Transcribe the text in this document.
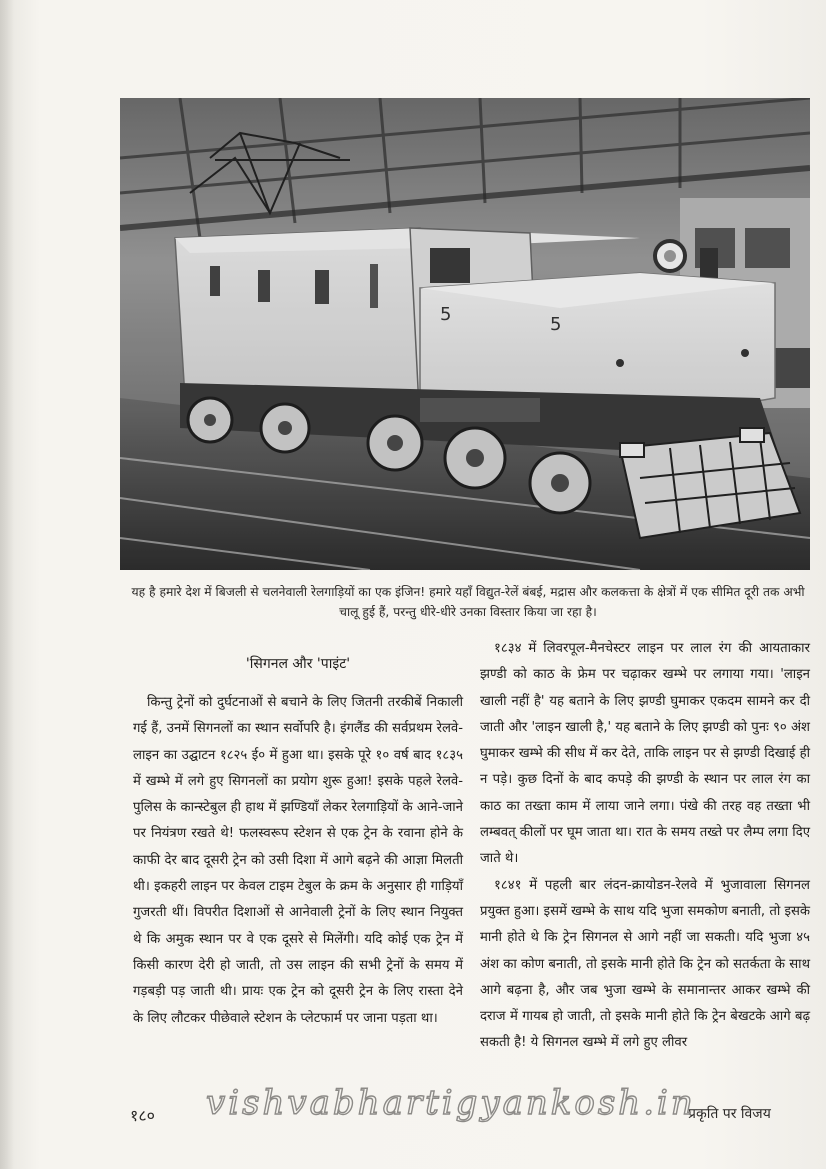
5	5
यह है हमारे देश में बिजली से चलनेवाली रेलगाड़ियों का एक इंजिन! हमारे यहाँ विद्युत-रेलें बंबई, मद्रास और कलकत्ता के क्षेत्रों में एक सीमित दूरी तक अभी चालू हुई हैं, परन्तु धीरे-धीरे उनका विस्तार किया जा रहा है।
'सिगनल और 'पाइंट'

किन्तु ट्रेनों को दुर्घटनाओं से बचाने के लिए जितनी तरकीबें निकाली गई हैं, उनमें सिगनलों का स्थान सर्वोपरि है। इंगलैंड की सर्वप्रथम रेलवे-लाइन का उद्घाटन १८२५ ई० में हुआ था। इसके पूरे १० वर्ष बाद १८३५ में खम्भे में लगे हुए सिगनलों का प्रयोग शुरू हुआ! इसके पहले रेलवे-पुलिस के कान्स्टेबुल ही हाथ में झण्डियाँ लेकर रेलगाड़ियों के आने-जाने पर नियंत्रण रखते थे! फलस्वरूप स्टेशन से एक ट्रेन के रवाना होने के काफी देर बाद दूसरी ट्रेन को उसी दिशा में आगे बढ़ने की आज्ञा मिलती थी। इकहरी लाइन पर केवल टाइम टेबुल के क्रम के अनुसार ही गाड़ियाँ गुजरती थीं। विपरीत दिशाओं से आनेवाली ट्रेनों के लिए स्थान नियुक्त थे कि अमुक स्थान पर वे एक दूसरे से मिलेंगी। यदि कोई एक ट्रेन में किसी कारण देरी हो जाती, तो उस लाइन की सभी ट्रेनों के समय में गड़बड़ी पड़ जाती थी। प्रायः एक ट्रेन को दूसरी ट्रेन के लिए रास्ता देने के लिए लौटकर पीछेवाले स्टेशन के प्लेटफार्म पर जाना पड़ता था।

१८३४ में लिवरपूल-मैनचेस्टर लाइन पर लाल रंग की आयताकार झण्डी को काठ के फ्रेम पर चढ़ाकर खम्भे पर लगाया गया। 'लाइन खाली नहीं है' यह बताने के लिए झण्डी घुमाकर एकदम सामने कर दी जाती और 'लाइन खाली है,' यह बताने के लिए झण्डी को पुनः ९० अंश घुमाकर खम्भे की सीध में कर देते, ताकि लाइन पर से झण्डी दिखाई ही न पड़े। कुछ दिनों के बाद कपड़े की झण्डी के स्थान पर लाल रंग का काठ का तख्ता काम में लाया जाने लगा। पंखे की तरह वह तख्ता भी लम्बवत् कीलों पर घूम जाता था। रात के समय तख्ते पर लैम्प लगा दिए जाते थे।

१८४१ में पहली बार लंदन-क्रायोडन-रेलवे में भुजावाला सिगनल प्रयुक्त हुआ। इसमें खम्भे के साथ यदि भुजा समकोण बनाती, तो इसके मानी होते थे कि ट्रेन सिगनल से आगे नहीं जा सकती। यदि भुजा ४५ अंश का कोण बनाती, तो इसके मानी होते कि ट्रेन को सतर्कता के साथ आगे बढ़ना है, और जब भुजा खम्भे के समानान्तर आकर खम्भे की दराज में गायब हो जाती, तो इसके मानी होते कि ट्रेन बेखटके आगे बढ़ सकती है! ये सिगनल खम्भे में लगे हुए लीवर

१८०	प्रकृति पर विजय
vishvabhartigyankosh.in
